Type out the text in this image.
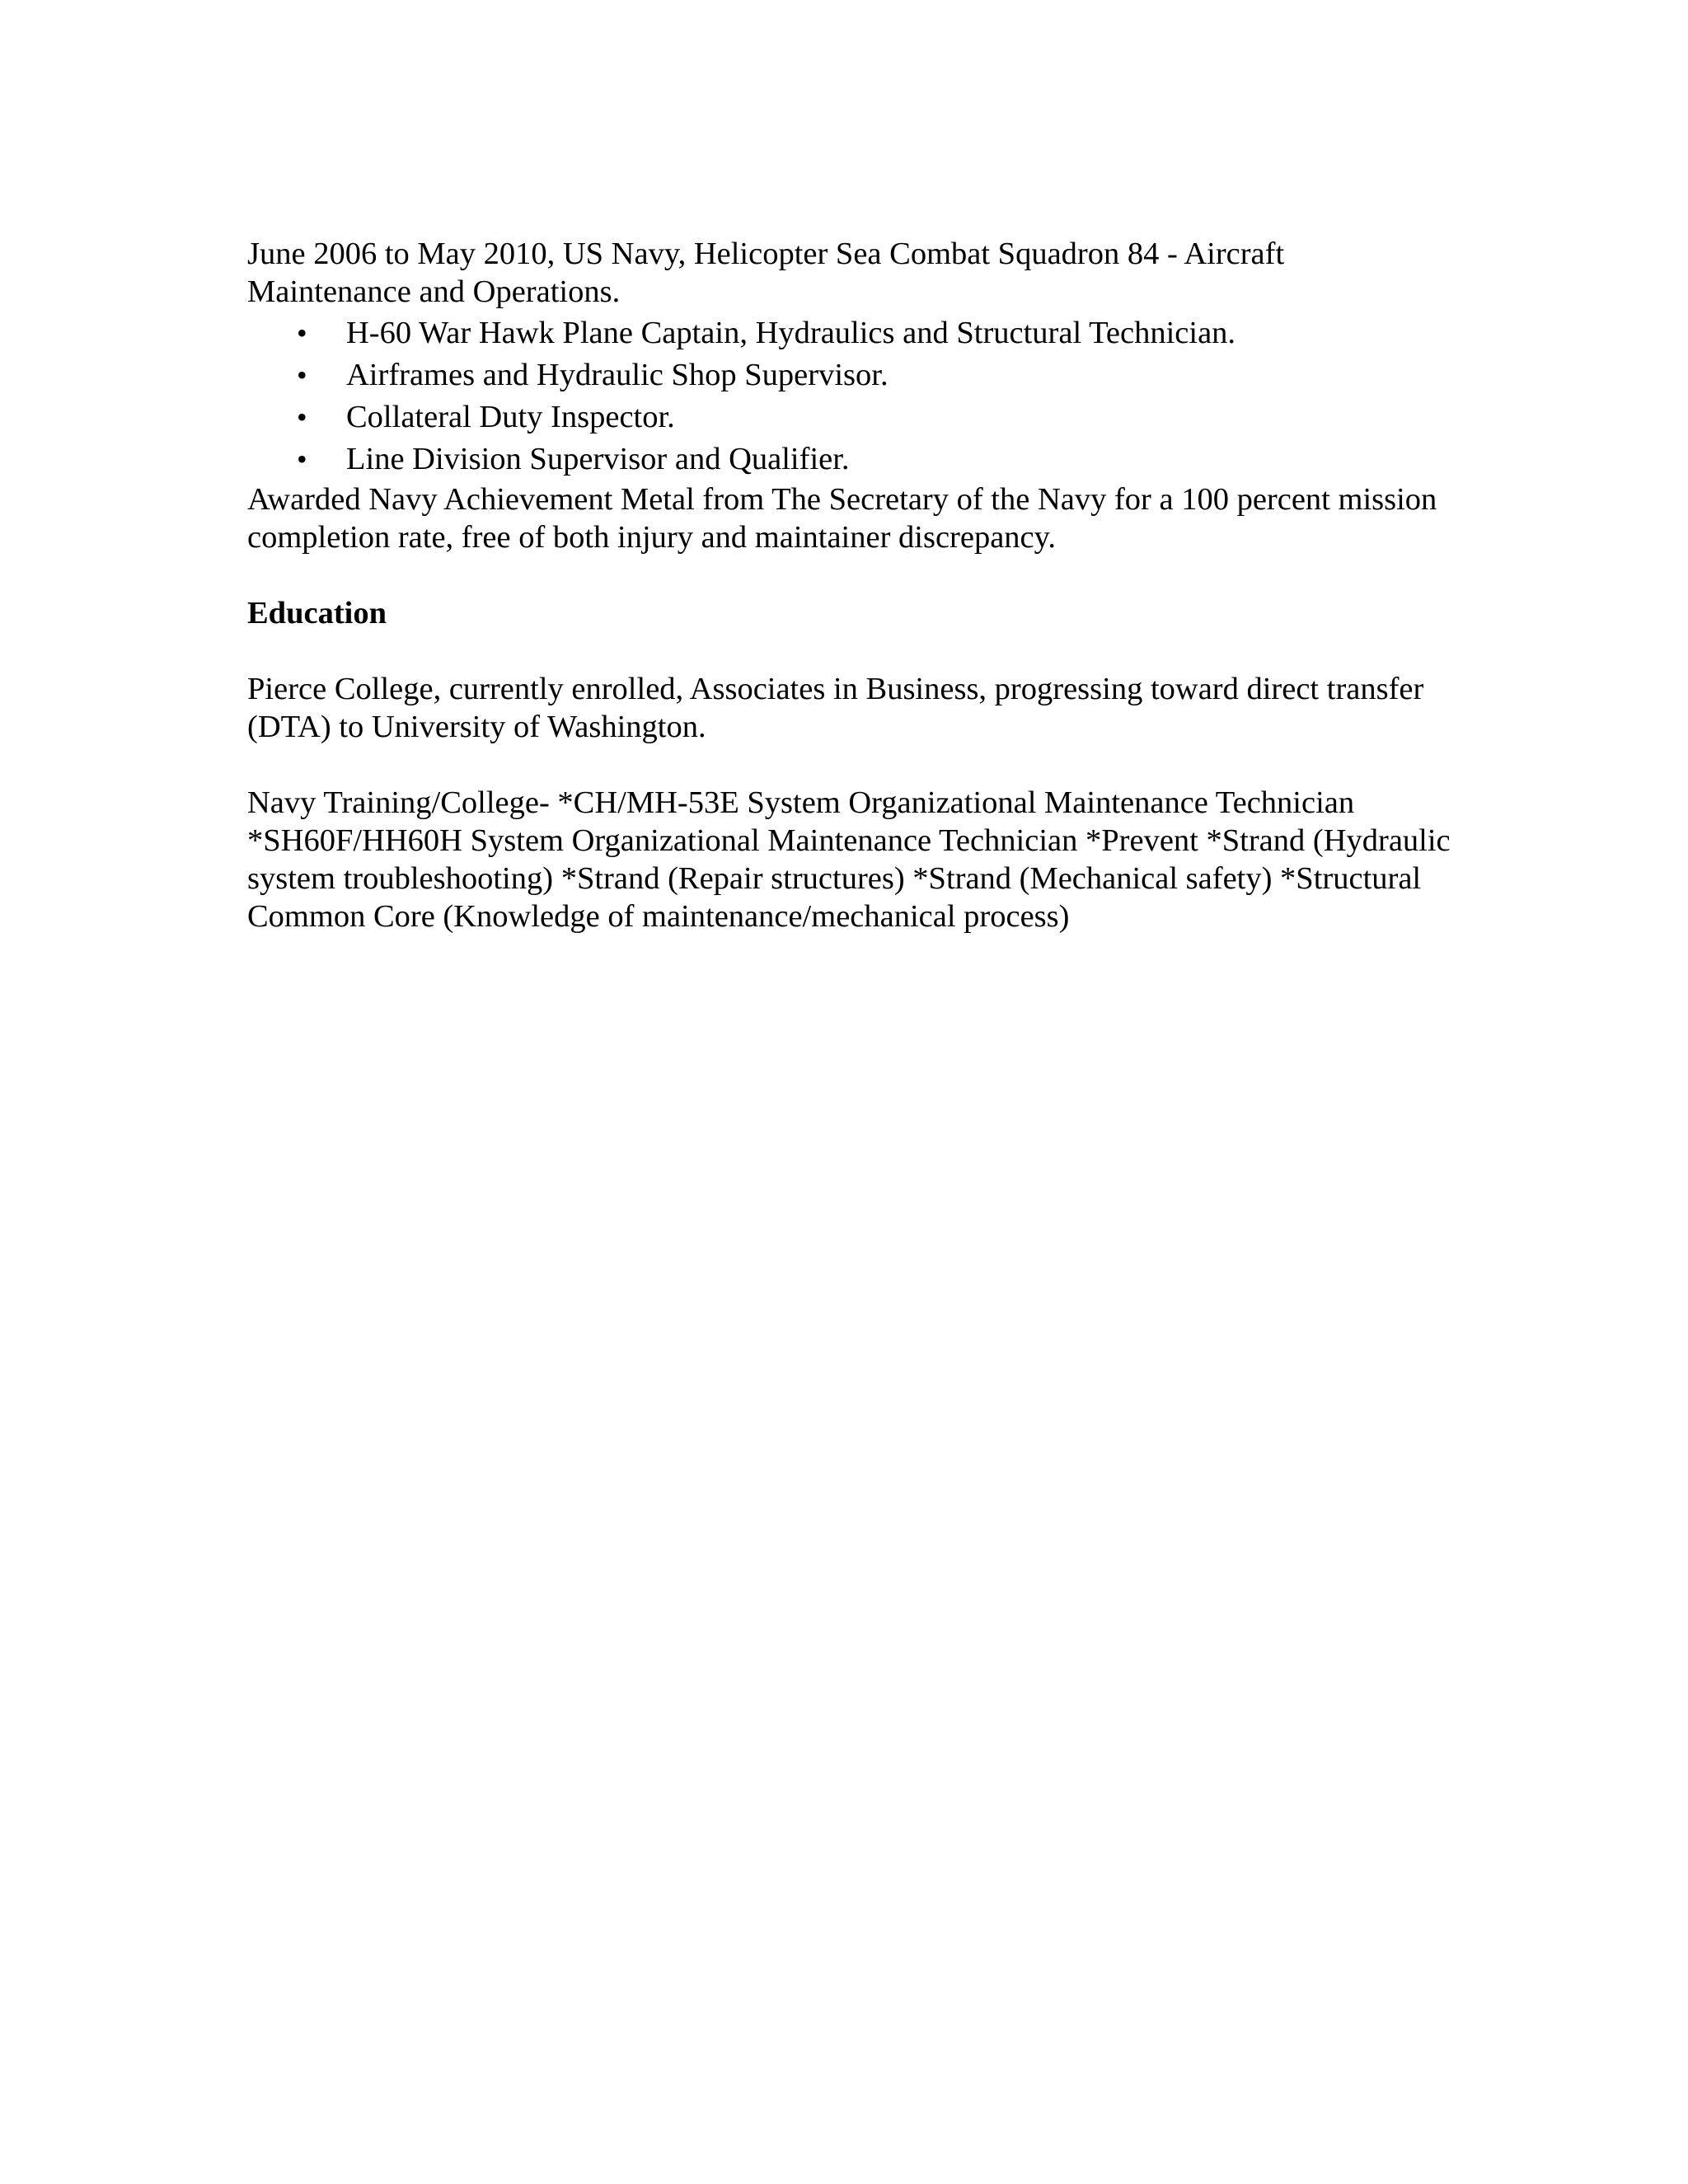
June 2006 to May 2010, US Navy, Helicopter Sea Combat Squadron 84 - Aircraft Maintenance and Operations.

•	H-60 War Hawk Plane Captain, Hydraulics and Structural Technician.
•	Airframes and Hydraulic Shop Supervisor.
•	Collateral Duty Inspector.
•	Line Division Supervisor and Qualifier.

Awarded Navy Achievement Metal from The Secretary of the Navy for a 100 percent mission completion rate, free of both injury and maintainer discrepancy.

Education

Pierce College, currently enrolled, Associates in Business, progressing toward direct transfer (DTA) to University of Washington.

Navy Training/College- *CH/MH-53E System Organizational Maintenance Technician *SH60F/HH60H System Organizational Maintenance Technician *Prevent *Strand (Hydraulic system troubleshooting) *Strand (Repair structures) *Strand (Mechanical safety) *Structural Common Core (Knowledge of maintenance/mechanical process)
